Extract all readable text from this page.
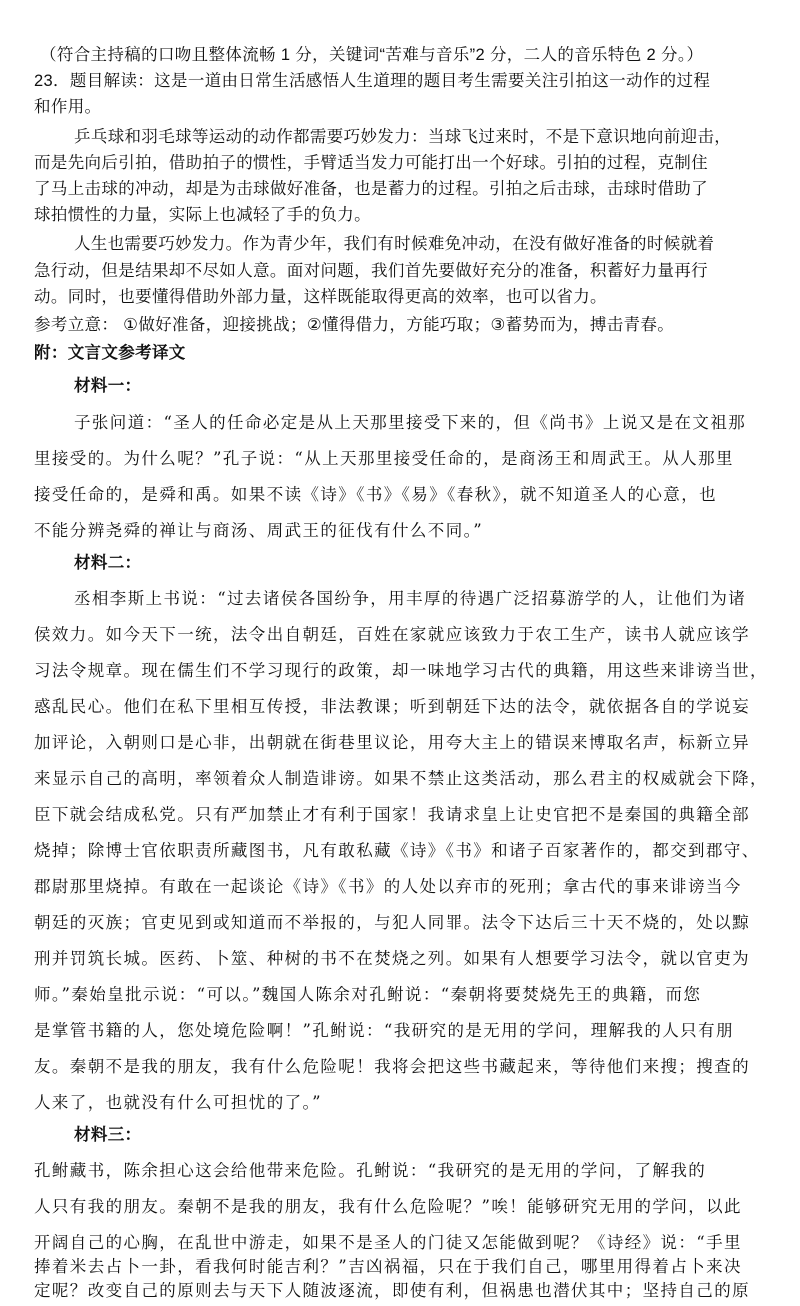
（符合主持稿的口吻且整体流畅 1 分，关键词“苦难与音乐”2 分，二人的音乐特色 2 分。）
23．题目解读：这是一道由日常生活感悟人生道理的题目考生需要关注引拍这一动作的过程
和作用。
乒乓球和羽毛球等运动的动作都需要巧妙发力：当球飞过来时，不是下意识地向前迎击，
而是先向后引拍，借助拍子的惯性，手臂适当发力可能打出一个好球。引拍的过程，克制住
了马上击球的冲动，却是为击球做好准备，也是蓄力的过程。引拍之后击球，击球时借助了
球拍惯性的力量，实际上也减轻了手的负力。
人生也需要巧妙发力。作为青少年，我们有时候难免冲动，在没有做好准备的时候就着
急行动，但是结果却不尽如人意。面对问题，我们首先要做好充分的准备，积蓄好力量再行
动。同时，也要懂得借助外部力量，这样既能取得更高的效率，也可以省力。
参考立意： ①做好准备，迎接挑战；②懂得借力，方能巧取；③蓄势而为，搏击青春。
附：文言文参考译文
材料一：
子张问道：“圣人的任命必定是从上天那里接受下来的，但《尚书》上说又是在文祖那
里接受的。为什么呢？”孔子说：“从上天那里接受任命的，是商汤王和周武王。从人那里
接受任命的，是舜和禹。如果不读《诗》《书》《易》《春秋》，就不知道圣人的心意，也
不能分辨尧舜的禅让与商汤、周武王的征伐有什么不同。”
材料二：
丞相李斯上书说：“过去诸侯各国纷争，用丰厚的待遇广泛招募游学的人，让他们为诸
侯效力。如今天下一统，法令出自朝廷，百姓在家就应该致力于农工生产，读书人就应该学
习法令规章。现在儒生们不学习现行的政策，却一味地学习古代的典籍，用这些来诽谤当世，
惑乱民心。他们在私下里相互传授，非法教课；听到朝廷下达的法令，就依据各自的学说妄
加评论，入朝则口是心非，出朝就在街巷里议论，用夸大主上的错误来博取名声，标新立异
来显示自己的高明，率领着众人制造诽谤。如果不禁止这类活动，那么君主的权威就会下降，
臣下就会结成私党。只有严加禁止才有利于国家！我请求皇上让史官把不是秦国的典籍全部
烧掉；除博士官依职责所藏图书，凡有敢私藏《诗》《书》和诸子百家著作的，都交到郡守、
郡尉那里烧掉。有敢在一起谈论《诗》《书》的人处以弃市的死刑；拿古代的事来诽谤当今
朝廷的灭族；官吏见到或知道而不举报的，与犯人同罪。法令下达后三十天不烧的，处以黥
刑并罚筑长城。医药、卜筮、种树的书不在焚烧之列。如果有人想要学习法令，就以官吏为
师。”秦始皇批示说：“可以。”魏国人陈余对孔鲋说：“秦朝将要焚烧先王的典籍，而您
是掌管书籍的人，您处境危险啊！”孔鲋说：“我研究的是无用的学问，理解我的人只有朋
友。秦朝不是我的朋友，我有什么危险呢！我将会把这些书藏起来，等待他们来搜；搜查的
人来了，也就没有什么可担忧的了。”
材料三：
孔鲋藏书，陈余担心这会给他带来危险。孔鲋说：“我研究的是无用的学问，了解我的
人只有我的朋友。秦朝不是我的朋友，我有什么危险呢？”唉！能够研究无用的学问，以此
开阔自己的心胸，在乱世中游走，如果不是圣人的门徒又怎能做到呢？《诗经》说：“手里
捧着米去占卜一卦，看我何时能吉利？”吉凶祸福，只在于我们自己，哪里用得着占卜来决
定呢？改变自己的原则去与天下人随波逐流，即使有利，但祸患也潜伏其中；坚持自己的原
